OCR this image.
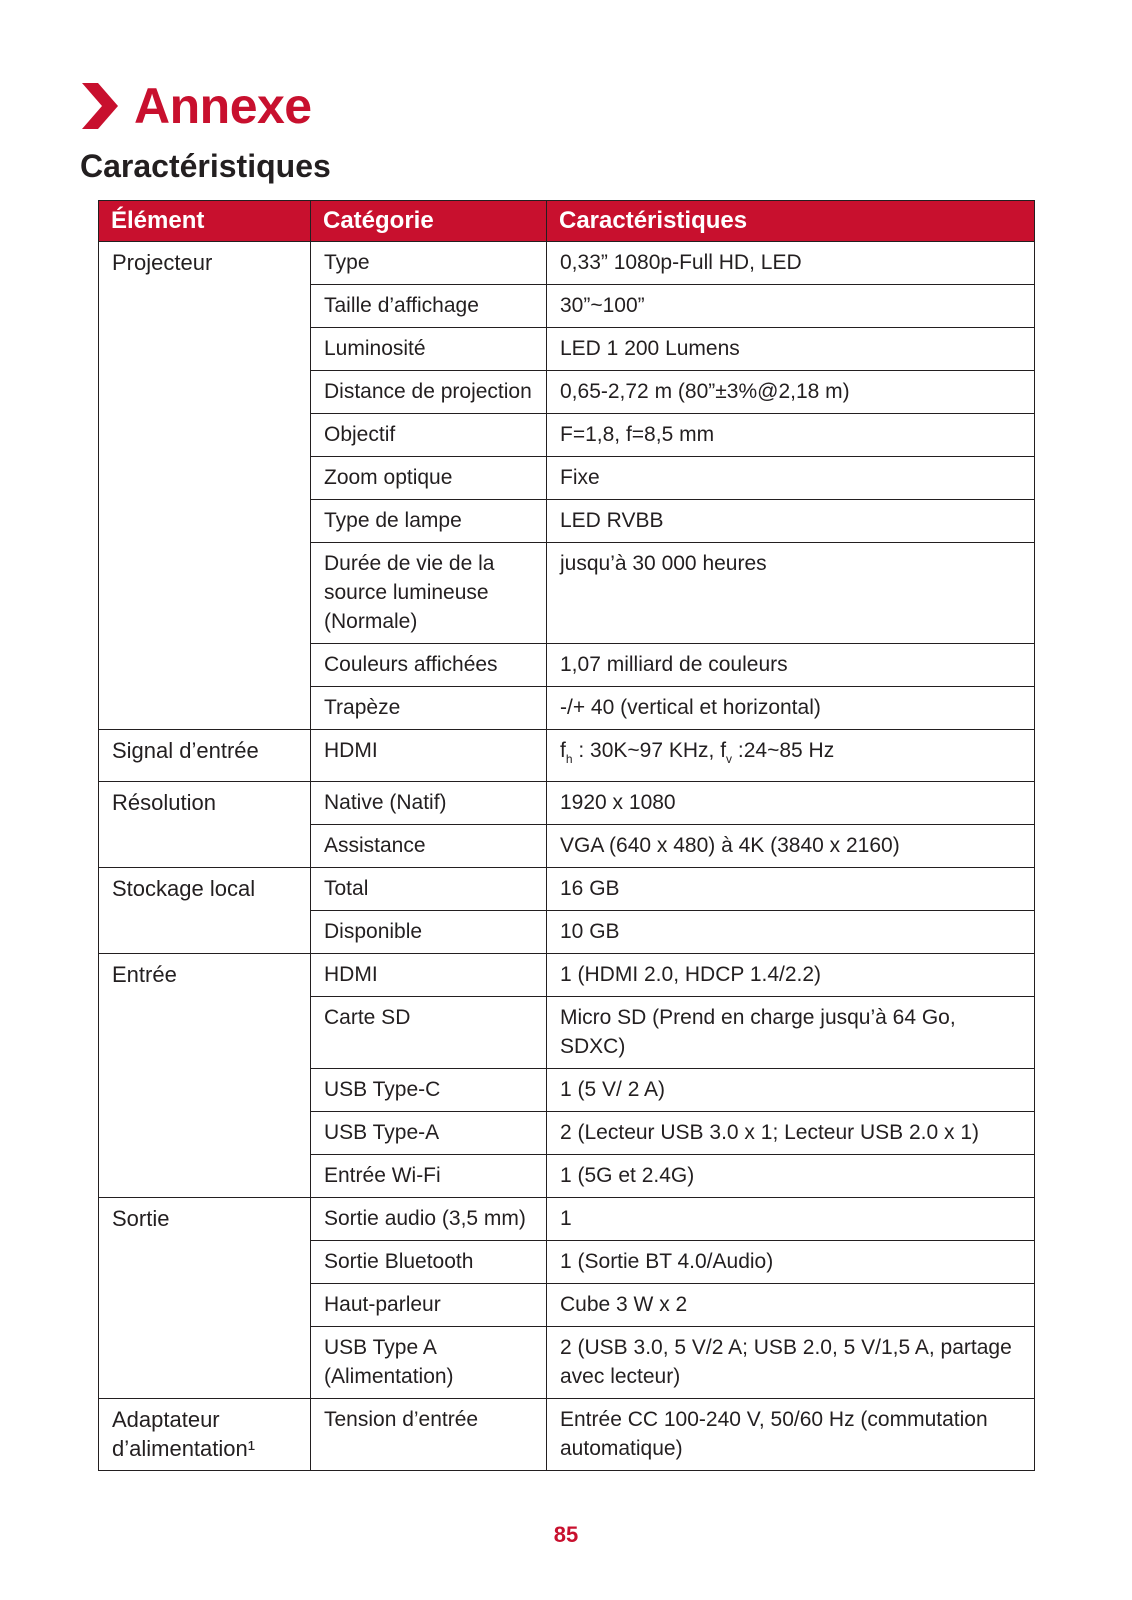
Annexe
Caractéristiques
Élément	Catégorie	Caractéristiques
Projecteur	Type	0,33” 1080p-Full HD, LED
	Taille d’affichage	30”~100”
	Luminosité	LED 1 200 Lumens
	Distance de projection	0,65-2,72 m (80”±3%@2,18 m)
	Objectif	F=1,8, f=8,5 mm
	Zoom optique	Fixe
	Type de lampe	LED RVBB
	Durée de vie de la source lumineuse (Normale)	jusqu’à 30 000 heures
	Couleurs affichées	1,07 milliard de couleurs
	Trapèze	-/+ 40 (vertical et horizontal)
Signal d’entrée	HDMI	$f_h$ : 30K~97 KHz, $f_v$ :24~85 Hz
Résolution	Native (Natif)	1920 x 1080
	Assistance	VGA (640 x 480) à 4K (3840 x 2160)
Stockage local	Total	16 GB
	Disponible	10 GB
Entrée	HDMI	1 (HDMI 2.0, HDCP 1.4/2.2)
	Carte SD	Micro SD (Prend en charge jusqu’à 64 Go, SDXC)
	USB Type-C	1 (5 V/ 2 A)
	USB Type-A	2 (Lecteur USB 3.0 x 1; Lecteur USB 2.0 x 1)
	Entrée Wi-Fi	1 (5G et 2.4G)
Sortie	Sortie audio (3,5 mm)	1
	Sortie Bluetooth	1 (Sortie BT 4.0/Audio)
	Haut-parleur	Cube 3 W x 2
	USB Type A (Alimentation)	2 (USB 3.0, 5 V/2 A; USB 2.0, 5 V/1,5 A, partage avec lecteur)
Adaptateur d’alimentation¹	Tension d’entrée	Entrée CC 100-240 V, 50/60 Hz (commutation automatique)
85
